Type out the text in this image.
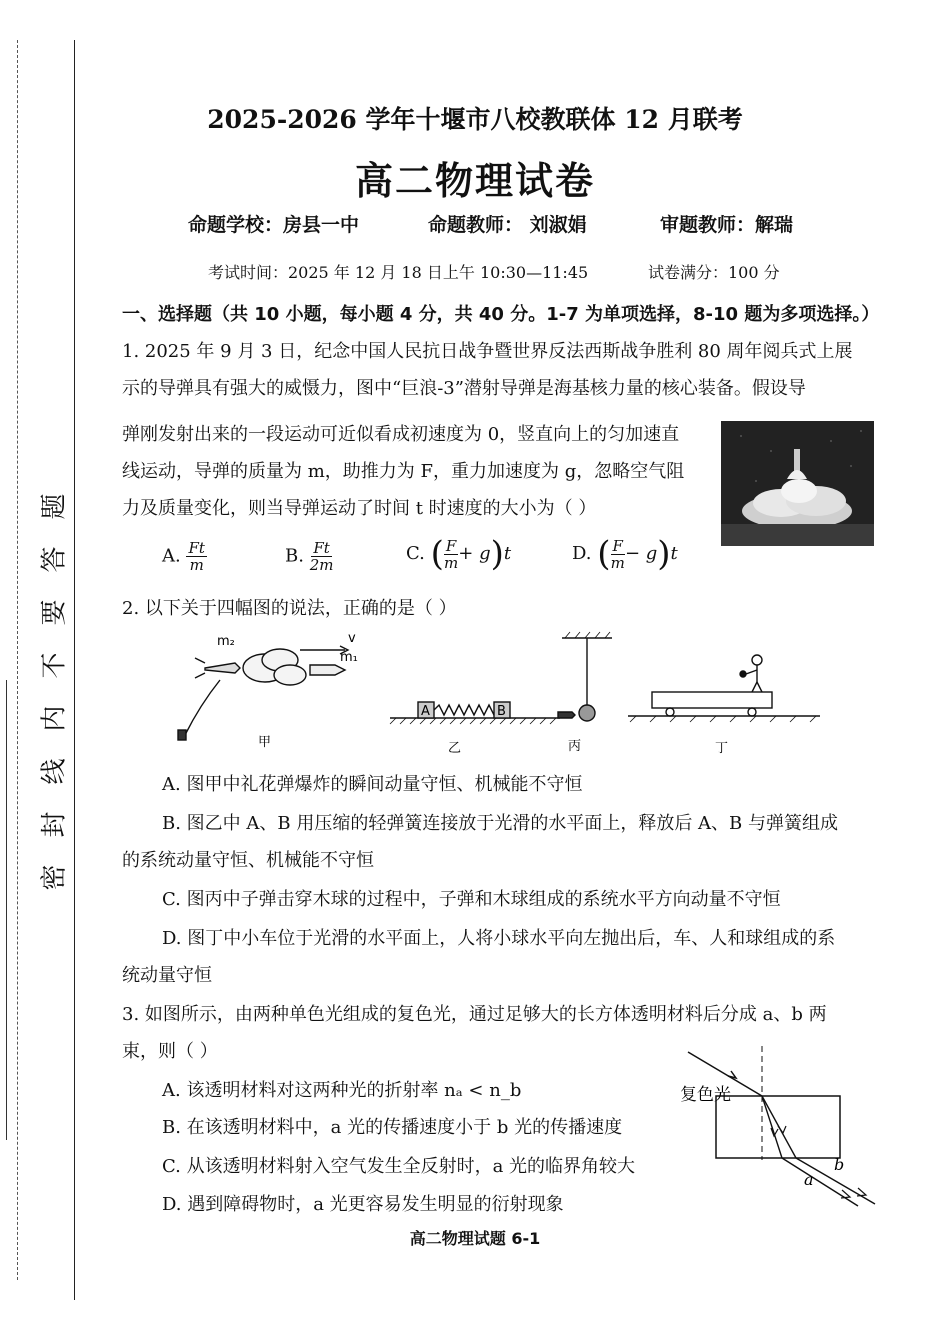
题
答
要
不
内
线
封
密
2025-2026 学年十堰市八校教联体 12 月联考
高二物理试卷
命题学校：房县一中	命题教师： 刘淑娟	审题教师：解瑞
考试时间：2025 年 12 月 18 日上午 10:30—11:45	试卷满分：100 分
一、选择题（共 10 小题，每小题 4 分，共 40 分。1-7 为单项选择，8-10 题为多项选择。）
1. 2025 年 9 月 3 日，纪念中国人民抗日战争暨世界反法西斯战争胜利 80 周年阅兵式上展
示的导弹具有强大的威慑力，图中“巨浪-3”潜射导弹是海基核力量的核心装备。假设导
弹刚发射出来的一段运动可近似看成初速度为 0，竖直向上的匀加速直
线运动，导弹的质量为 m，助推力为 F，重力加速度为 g，忽略空气阻
力及质量变化，则当导弹运动了时间 t 时速度的大小为（ ）
A. $\frac{Ft}{m}$	B. $\frac{Ft}{2m}$	C. ( $\frac{F}{m} + g)t$	D. ( $\frac{F}{m} - g)t$
2. 以下关于四幅图的说法，正确的是（ ）
m₂
m₁
v
A	B
甲	乙	丙	丁
A. 图甲中礼花弹爆炸的瞬间动量守恒、机械能不守恒
B. 图乙中 A、B 用压缩的轻弹簧连接放于光滑的水平面上，释放后 A、B 与弹簧组成
的系统动量守恒、机械能不守恒
C. 图丙中子弹击穿木球的过程中，子弹和木球组成的系统水平方向动量不守恒
D. 图丁中小车位于光滑的水平面上，人将小球水平向左抛出后，车、人和球组成的系
统动量守恒
3. 如图所示，由两种单色光组成的复色光，通过足够大的长方体透明材料后分成 a、b 两
束，则（ ）
A. 该透明材料对这两种光的折射率 nₐ < n_b
B. 在该透明材料中，a 光的传播速度小于 b 光的传播速度
C. 从该透明材料射入空气发生全反射时，a 光的临界角较大
D. 遇到障碍物时，a 光更容易发生明显的衍射现象
复色光
a
b
高二物理试题 6-1
